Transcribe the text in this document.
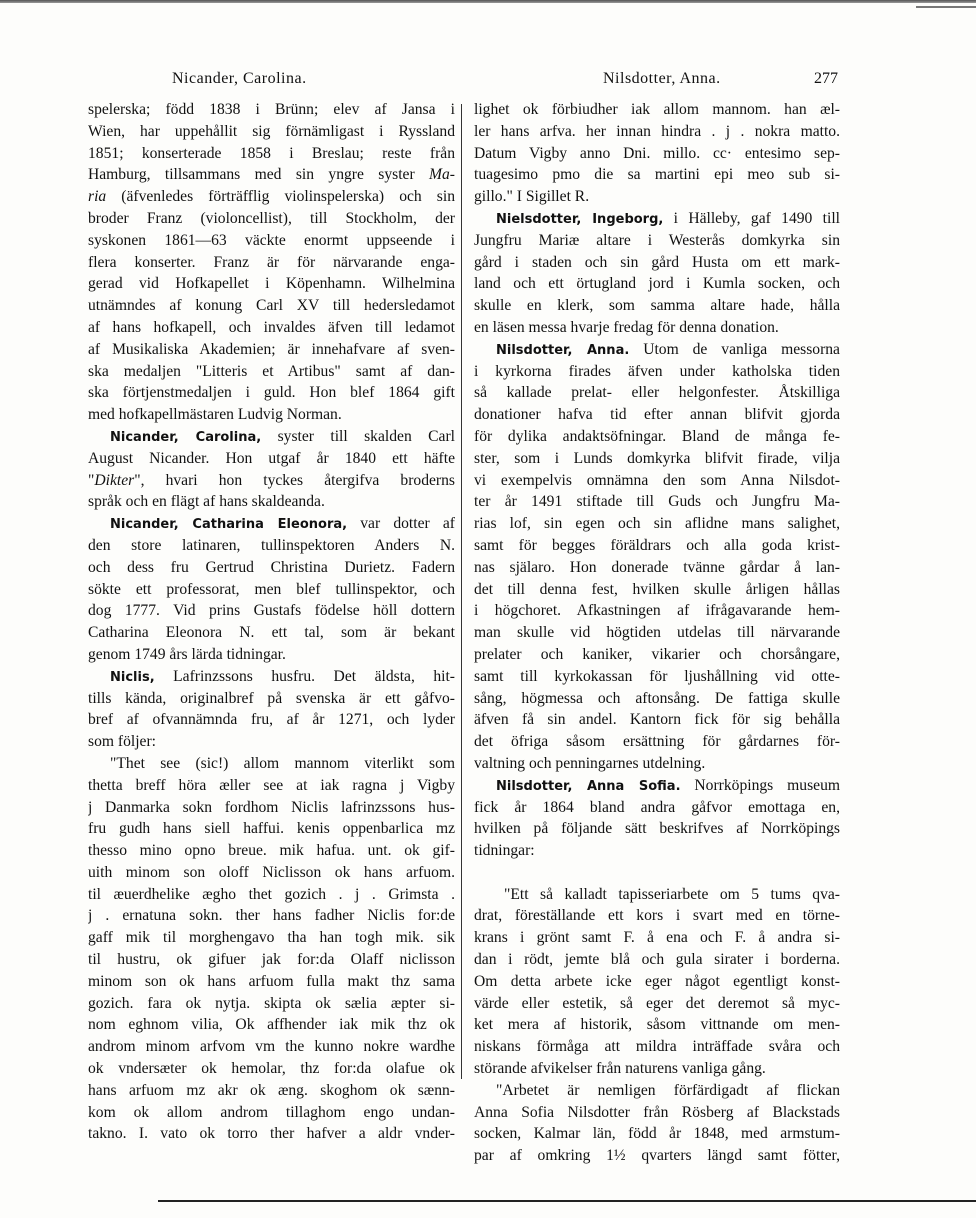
Nicander, Carolina.	Nilsdotter, Anna.	277
spelerska; född 1838 i Brünn; elev af Jansa i
Wien, har uppehållit sig förnämligast i Ryssland
1851; konserterade 1858 i Breslau; reste från
Hamburg, tillsammans med sin yngre syster Ma-
ria (äfvenledes förträfflig violinspelerska) och sin
broder Franz (violoncellist), till Stockholm, der
syskonen 1861—63 väckte enormt uppseende i
flera konserter. Franz är för närvarande enga-
gerad vid Hofkapellet i Köpenhamn. Wilhelmina
utnämndes af konung Carl XV till hedersledamot
af hans hofkapell, och invaldes äfven till ledamot
af Musikaliska Akademien; är innehafvare af sven-
ska medaljen "Litteris et Artibus" samt af dan-
ska förtjenstmedaljen i guld. Hon blef 1864 gift
med hofkapellmästaren Ludvig Norman.
Nicander, Carolina, syster till skalden Carl
August Nicander. Hon utgaf år 1840 ett häfte
"Dikter", hvari hon tyckes återgifva broderns
språk och en flägt af hans skaldeanda.
Nicander, Catharina Eleonora, var dotter af
den store latinaren, tullinspektoren Anders N.
och dess fru Gertrud Christina Durietz. Fadern
sökte ett professorat, men blef tullinspektor, och
dog 1777. Vid prins Gustafs födelse höll dottern
Catharina Eleonora N. ett tal, som är bekant
genom 1749 års lärda tidningar.
Niclis, Lafrinzssons husfru. Det äldsta, hit-
tills kända, originalbref på svenska är ett gåfvo-
bref af ofvannämnda fru, af år 1271, och lyder
som följer:
"Thet see (sic!) allom mannom viterlikt som
thetta breff höra æller see at iak ragna j Vigby
j Danmarka sokn fordhom Niclis lafrinzssons hus-
fru gudh hans siell haffui. kenis oppenbarlica mz
thesso mino opno breue. mik hafua. unt. ok gif-
uith minom son oloff Niclisson ok hans arfuom.
til æuerdhelike ægho thet gozich . j . Grimsta .
j . ernatuna sokn. ther hans fadher Niclis for:de
gaff mik til morghengavo tha han togh mik. sik
til hustru, ok gifuer jak for:da Olaff niclisson
minom son ok hans arfuom fulla makt thz sama
gozich. fara ok nytja. skipta ok sælia æpter si-
nom eghnom vilia, Ok affhender iak mik thz ok
androm minom arfvom vm the kunno nokre wardhe
ok vndersæter ok hemolar, thz for:da olafue ok
hans arfuom mz akr ok æng. skoghom ok sænn-
kom ok allom androm tillaghom engo undan-
takno. I. vato ok torro ther hafver a aldr vnder-
lighet ok förbiudher iak allom mannom. han æl-
ler hans arfva. her innan hindra . j . nokra matto.
Datum Vigby anno Dni. millo. cc· entesimo sep-
tuagesimo pmo die sa martini epi meo sub si-
gillo." I Sigillet R.
Nielsdotter, Ingeborg, i Hälleby, gaf 1490 till
Jungfru Mariæ altare i Westerås domkyrka sin
gård i staden och sin gård Husta om ett mark-
land och ett örtugland jord i Kumla socken, och
skulle en klerk, som samma altare hade, hålla
en läsen messa hvarje fredag för denna donation.
Nilsdotter, Anna. Utom de vanliga messorna
i kyrkorna firades äfven under katholska tiden
så kallade prelat- eller helgonfester. Åtskilliga
donationer hafva tid efter annan blifvit gjorda
för dylika andaktsöfningar. Bland de många fe-
ster, som i Lunds domkyrka blifvit firade, vilja
vi exempelvis omnämna den som Anna Nilsdot-
ter år 1491 stiftade till Guds och Jungfru Ma-
rias lof, sin egen och sin aflidne mans salighet,
samt för begges föräldrars och alla goda krist-
nas själaro. Hon donerade tvänne gårdar å lan-
det till denna fest, hvilken skulle årligen hållas
i högchoret. Afkastningen af ifrågavarande hem-
man skulle vid högtiden utdelas till närvarande
prelater och kaniker, vikarier och chorsångare,
samt till kyrkokassan för ljushållning vid otte-
sång, högmessa och aftonsång. De fattiga skulle
äfven få sin andel. Kantorn fick för sig behålla
det öfriga såsom ersättning för gårdarnes för-
valtning och penningarnes utdelning.
Nilsdotter, Anna Sofia. Norrköpings museum
fick år 1864 bland andra gåfvor emottaga en,
hvilken på följande sätt beskrifves af Norrköpings
tidningar:
"Ett så kalladt tapisseriarbete om 5 tums qva-
drat, föreställande ett kors i svart med en törne-
krans i grönt samt F. å ena och F. å andra si-
dan i rödt, jemte blå och gula sirater i borderna.
Om detta arbete icke eger något egentligt konst-
värde eller estetik, så eger det deremot så myc-
ket mera af historik, såsom vittnande om men-
niskans förmåga att mildra inträffade svåra och
störande afvikelser från naturens vanliga gång.
"Arbetet är nemligen förfärdigadt af flickan
Anna Sofia Nilsdotter från Rösberg af Blackstads
socken, Kalmar län, född år 1848, med armstum-
par af omkring 1½ qvarters längd samt fötter,
